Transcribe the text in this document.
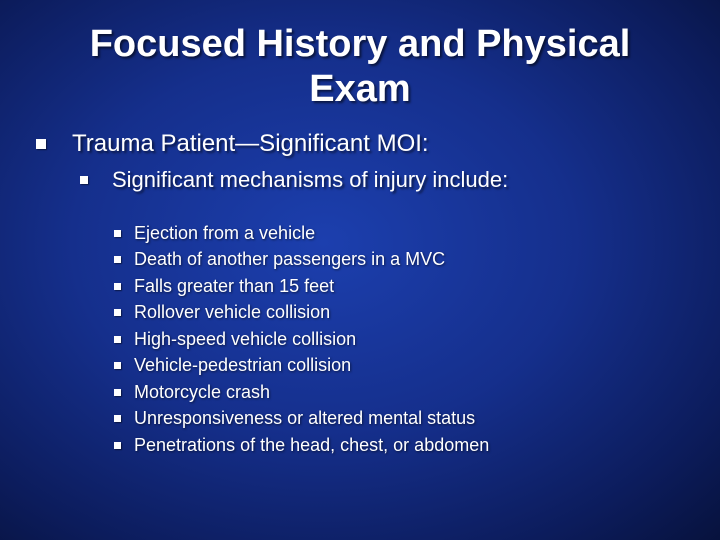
Focused History and Physical
Exam
Trauma Patient—Significant MOI:
Significant mechanisms of injury include:
Ejection from a vehicle
Death of another passengers in a MVC
Falls greater than 15 feet
Rollover vehicle collision
High-speed vehicle collision
Vehicle-pedestrian collision
Motorcycle crash
Unresponsiveness or altered mental status
Penetrations of the head, chest, or abdomen
